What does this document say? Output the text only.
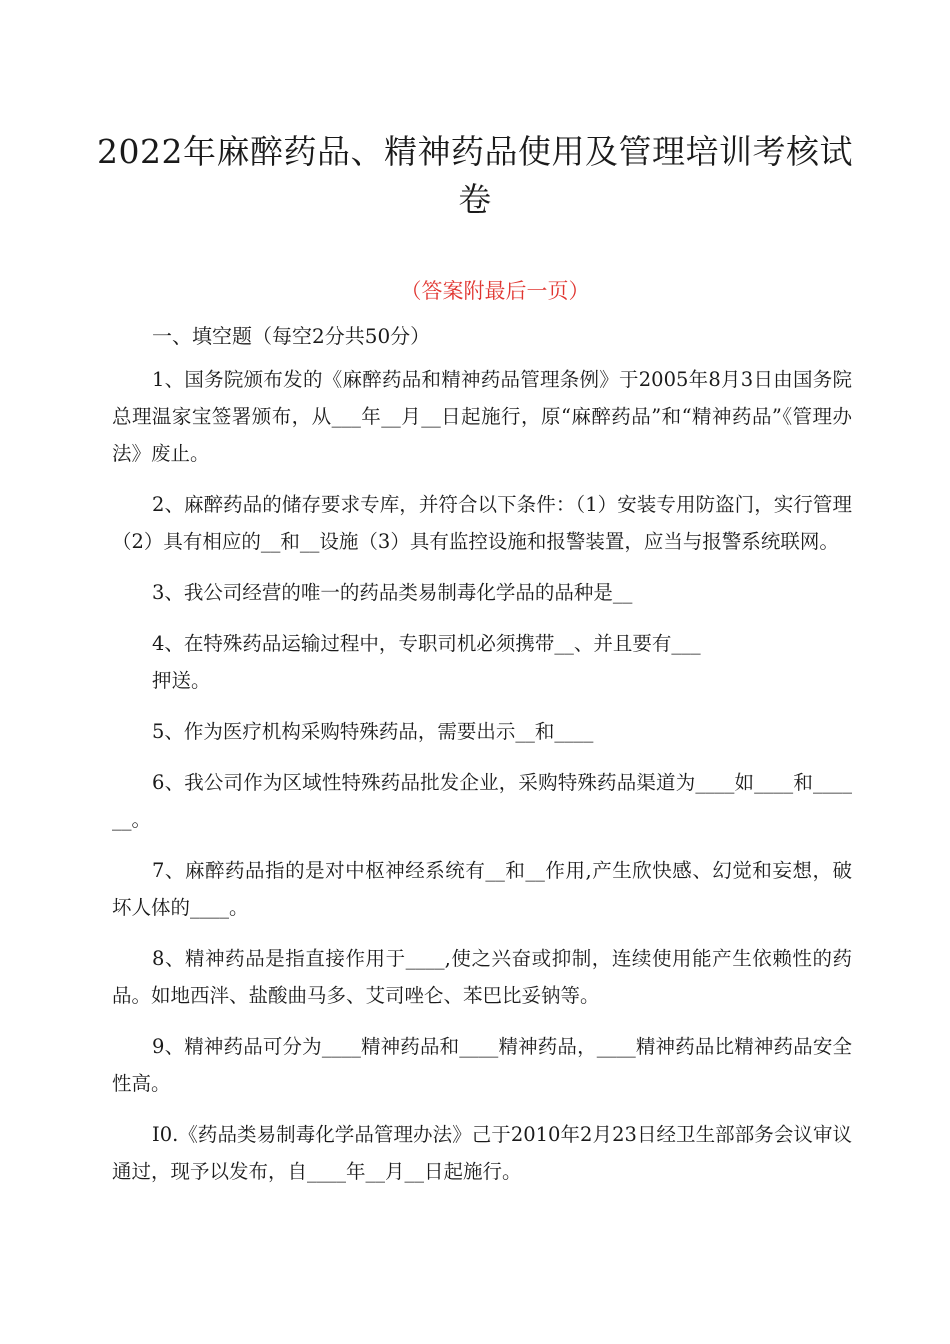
2022年麻醉药品、精神药品使用及管理培训考核试卷
（答案附最后一页）
一、填空题（每空2分共50分）

1、国务院颁布发的《麻醉药品和精神药品管理条例》于2005年8月3日由国务院总理温家宝签署颁布，从___年__月__日起施行，原“麻醉药品”和“精神药品”《管理办法》废止。

2、麻醉药品的储存要求专库，并符合以下条件：（1）安装专用防盗门，实行管理（2）具有相应的__和__设施（3）具有监控设施和报警装置，应当与报警系统联网。

3、我公司经营的唯一的药品类易制毒化学品的品种是__

4、在特殊药品运输过程中，专职司机必须携带__、并且要有___

押送。

5、作为医疗机构采购特殊药品，需要出示__和____

6、我公司作为区域性特殊药品批发企业，采购特殊药品渠道为____如____和______。

7、麻醉药品指的是对中枢神经系统有__和__作用,产生欣快感、幻觉和妄想，破坏人体的____。

8、精神药品是指直接作用于____,使之兴奋或抑制，连续使用能产生依赖性的药品。如地西泮、盐酸曲马多、艾司唑仑、苯巴比妥钠等。

9、精神药品可分为____精神药品和____精神药品，____精神药品比精神药品安全性高。

I0.《药品类易制毒化学品管理办法》己于2010年2月23日经卫生部部务会议审议通过，现予以发布，自____年__月__日起施行。
